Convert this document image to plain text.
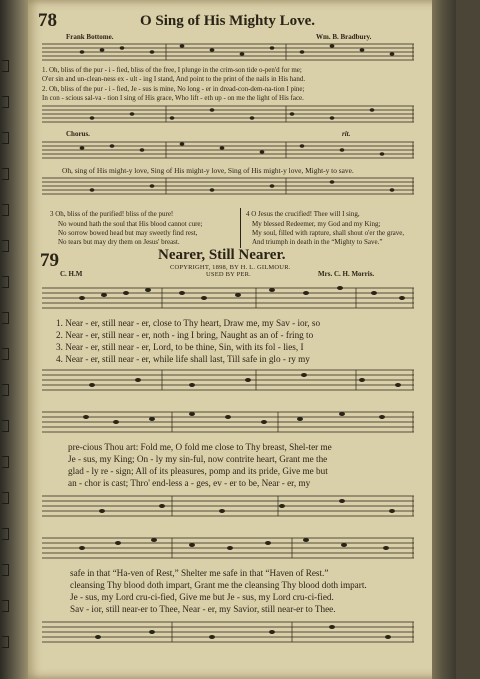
78	O Sing of His Mighty Love.
Frank Bottome.	Wm. B. Bradbury.
1. Oh, bliss of the pur - i - fied, bliss of the free, I plunge in the crim-son tide o-pen'd for me;
O'er sin and un-clean-ness ex - ult - ing I stand, And point to the print of the nails in His hand.
2. Oh, bliss of the pur - i - fied, Je - sus is mine, No long - er in dread-con-dem-na-tion I pine;
In con - scious sal-va - tion I sing of His grace, Who lift - eth up - on me the light of His face.
Chorus.	rit.
Oh, sing of His might-y love, Sing of His might-y love, Sing of His might-y love, Might-y to save.
3 Oh, bliss of the purified! bliss of the pure!
No wound hath the soul that His blood cannot cure;
No sorrow bowed head but may sweetly find rest,
No tears but may dry them on Jesus' breast.
4 O Jesus the crucified! Thee will I sing,
My blessed Redeemer, my God and my King;
My soul, filled with rapture, shall shout o'er the grave,
And triumph in death in the “Mighty to Save.”
79	Nearer, Still Nearer.
COPYRIGHT, 1898, BY H. L. GILMOUR.
USED BY PER.
C. H.M	Mrs. C. H. Morris.
1. Near - er, still near - er, close to Thy heart, Draw me, my Sav - ior, so
2. Near - er, still near - er, noth - ing I bring, Naught as an of - fring to
3. Near - er, still near - er, Lord, to be thine, Sin, with its fol - lies, I
4. Near - er, still near - er, while life shall last, Till safe in glo - ry my
pre-cious Thou art: Fold me, O fold me close to Thy breast, Shel-ter me
Je - sus, my King; On - ly my sin-ful, now contrite heart, Grant me the
glad - ly re - sign; All of its pleasures, pomp and its pride, Give me but
an - chor is cast; Thro' end-less a - ges, ev - er to be, Near - er, my
safe in that “Ha-ven of Rest,” Shelter me safe in that “Haven of Rest.”
cleansing Thy blood doth impart, Grant me the cleansing Thy blood doth impart.
Je - sus, my Lord cru-ci-fied, Give me but Je - sus, my Lord cru-ci-fied.
Sav - ior, still near-er to Thee, Near - er, my Savior, still near-er to Thee.
